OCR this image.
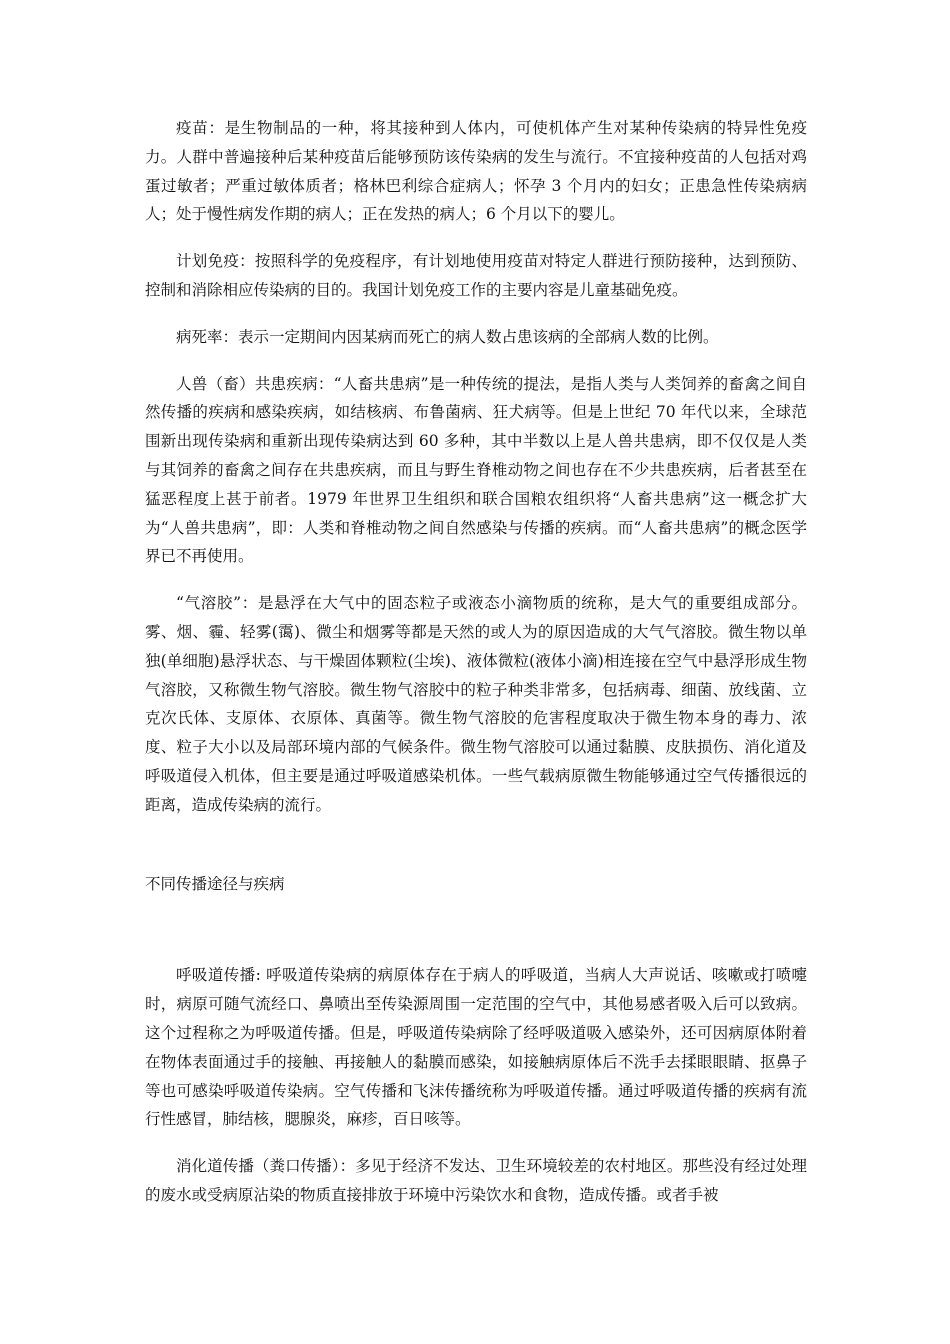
疫苗：是生物制品的一种，将其接种到人体内，可使机体产生对某种传染病的特异性免疫力。人群中普遍接种后某种疫苗后能够预防该传染病的发生与流行。不宜接种疫苗的人包括对鸡蛋过敏者；严重过敏体质者；格林巴利综合症病人；怀孕 3 个月内的妇女；正患急性传染病病人；处于慢性病发作期的病人；正在发热的病人；6 个月以下的婴儿。

计划免疫：按照科学的免疫程序，有计划地使用疫苗对特定人群进行预防接种，达到预防、控制和消除相应传染病的目的。我国计划免疫工作的主要内容是儿童基础免疫。

病死率：表示一定期间内因某病而死亡的病人数占患该病的全部病人数的比例。

人兽（畜）共患疾病：“人畜共患病”是一种传统的提法，是指人类与人类饲养的畜禽之间自然传播的疾病和感染疾病，如结核病、布鲁菌病、狂犬病等。但是上世纪 70 年代以来，全球范围新出现传染病和重新出现传染病达到 60 多种，其中半数以上是人兽共患病，即不仅仅是人类与其饲养的畜禽之间存在共患疾病，而且与野生脊椎动物之间也存在不少共患疾病，后者甚至在猛恶程度上甚于前者。1979 年世界卫生组织和联合国粮农组织将“人畜共患病”这一概念扩大为“人兽共患病”，即：人类和脊椎动物之间自然感染与传播的疾病。而“人畜共患病”的概念医学界已不再使用。

“气溶胶”：是悬浮在大气中的固态粒子或液态小滴物质的统称，是大气的重要组成部分。雾、烟、霾、轻雾(霭)、微尘和烟雾等都是天然的或人为的原因造成的大气气溶胶。微生物以单独(单细胞)悬浮状态、与干燥固体颗粒(尘埃)、液体微粒(液体小滴)相连接在空气中悬浮形成生物气溶胶，又称微生物气溶胶。微生物气溶胶中的粒子种类非常多，包括病毒、细菌、放线菌、立克次氏体、支原体、衣原体、真菌等。微生物气溶胶的危害程度取决于微生物本身的毒力、浓度、粒子大小以及局部环境内部的气候条件。微生物气溶胶可以通过黏膜、皮肤损伤、消化道及呼吸道侵入机体，但主要是通过呼吸道感染机体。一些气载病原微生物能够通过空气传播很远的距离，造成传染病的流行。

不同传播途径与疾病

呼吸道传播: 呼吸道传染病的病原体存在于病人的呼吸道，当病人大声说话、咳嗽或打喷嚏时，病原可随气流经口、鼻喷出至传染源周围一定范围的空气中，其他易感者吸入后可以致病。这个过程称之为呼吸道传播。但是，呼吸道传染病除了经呼吸道吸入感染外，还可因病原体附着在物体表面通过手的接触、再接触人的黏膜而感染，如接触病原体后不洗手去揉眼眼睛、抠鼻子等也可感染呼吸道传染病。空气传播和飞沫传播统称为呼吸道传播。通过呼吸道传播的疾病有流行性感冒，肺结核，腮腺炎，麻疹，百日咳等。

消化道传播（粪口传播）：多见于经济不发达、卫生环境较差的农村地区。那些没有经过处理的废水或受病原沾染的物质直接排放于环境中污染饮水和食物，造成传播。或者手被
